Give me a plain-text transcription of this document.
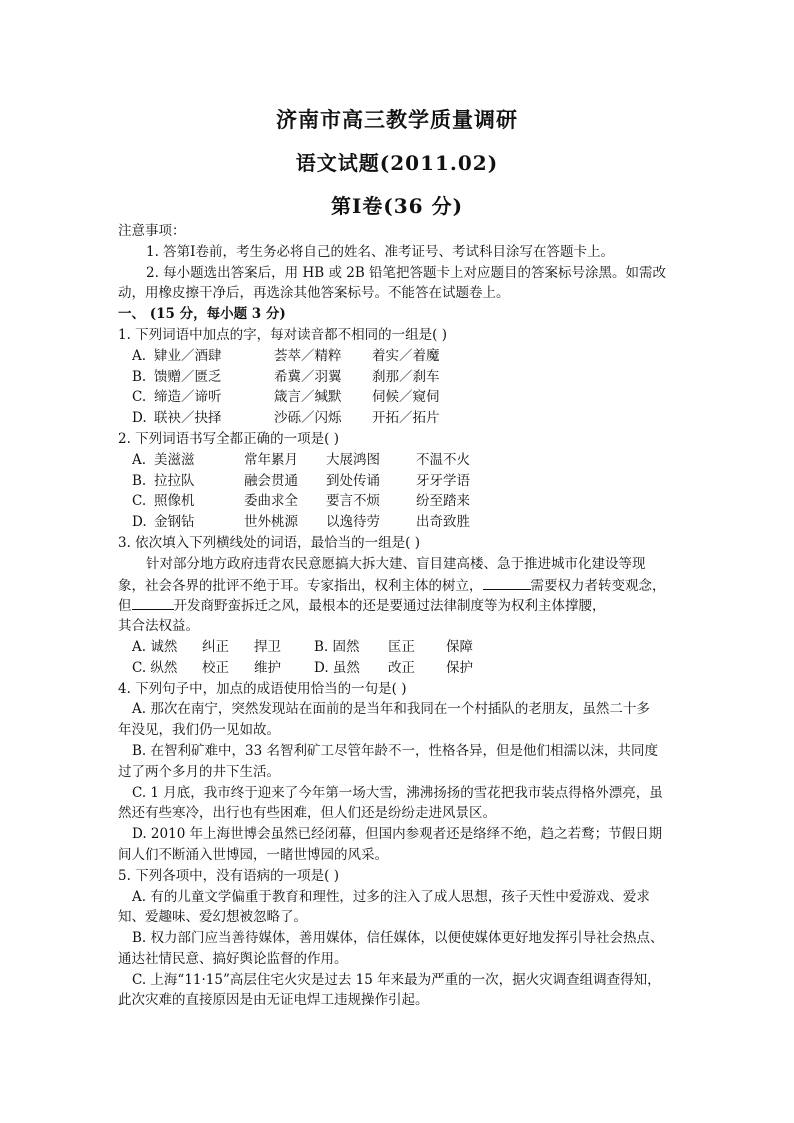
济南市高三教学质量调研
语文试题(2011.02)
第Ⅰ卷(36 分)
注意事项：
1. 答第Ⅰ卷前，考生务必将自己的姓名、准考证号、考试科目涂写在答题卡上。
2. 每小题选出答案后，用 HB 或 2B 铅笔把答题卡上对应题目的答案标号涂黑。如需改
动，用橡皮擦干净后，再选涂其他答案标号。不能答在试题卷上。
一、 (15 分，每小题 3 分)
1. 下列词语中加点的字，每对读音都不相同的一组是( )
A. 肄业／酒肆	荟萃／精粹 着实／着魔
B. 馈赠／匮乏	希冀／羽翼 刹那／刹车
C. 缔造／谛听	箴言／缄默 伺候／窥伺
D. 联袂／抉择	沙砾／闪烁 开拓／拓片
2. 下列词语书写全都正确的一项是( )
A. 美滋滋	常年累月 大展鸿图	不温不火
B. 拉拉队	融会贯通 到处传诵	牙牙学语
C. 照像机	委曲求全 要言不烦	纷至踏来
D. 金钢钻	世外桃源 以逸待劳	出奇致胜
3. 依次填入下列横线处的词语，最恰当的一组是( )
针对部分地方政府违背农民意愿搞大拆大建、盲目建高楼、急于推进城市化建设等现
象，社会各界的批评不绝于耳。专家指出，权利主体的树立，	需要权力者转变观念，
但	开发商野蛮拆迁之风，最根本的还是要通过法律制度等为权利主体撑腰，
其合法权益。
A. 诚然 纠正 捍卫 B. 固然 匡正 保障
C. 纵然 校正 维护 D. 虽然 改正 保护
4. 下列句子中，加点的成语使用恰当的一句是( )
A. 那次在南宁，突然发现站在面前的是当年和我同在一个村插队的老朋友，虽然二十多
年没见，我们仍一见如故。
B. 在智利矿难中，33 名智利矿工尽管年龄不一，性格各异，但是他们相濡以沫，共同度
过了两个多月的井下生活。
C. 1 月底，我市终于迎来了今年第一场大雪，沸沸扬扬的雪花把我市装点得格外漂亮，虽
然还有些寒冷，出行也有些困难，但人们还是纷纷走进风景区。
D. 2010 年上海世博会虽然已经闭幕，但国内参观者还是络绎不绝，趋之若鹜；节假日期
间人们不断涌入世博园，一睹世博园的风采。
5. 下列各项中，没有语病的一项是( )
A. 有的儿童文学偏重于教育和理性，过多的注入了成人思想，孩子天性中爱游戏、爱求
知、爱趣味、爱幻想被忽略了。
B. 权力部门应当善待媒体，善用媒体，信任媒体，以便使媒体更好地发挥引导社会热点、
通达社情民意、搞好舆论监督的作用。
C. 上海“11·15”高层住宅火灾是过去 15 年来最为严重的一次，据火灾调查组调查得知，
此次灾难的直接原因是由无证电焊工违规操作引起。
